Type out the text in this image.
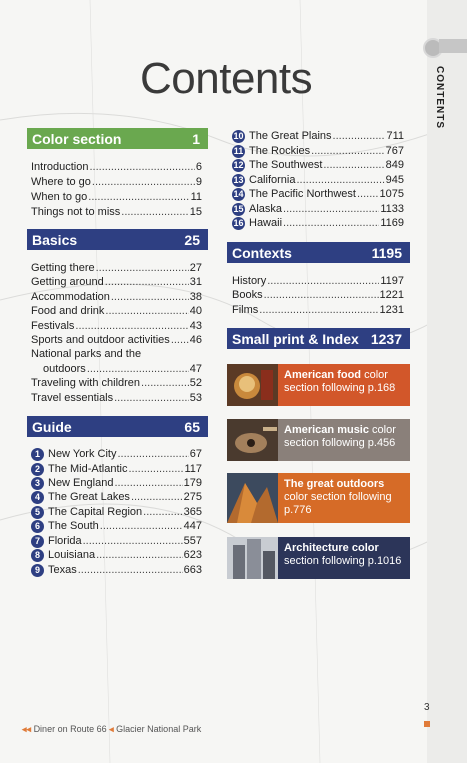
CONTENTS
Contents
Color section	1
Introduction .....	6
Where to go .....	9
When to go .....	11
Things not to miss .....	15
Basics	25
Getting there .....	27
Getting around .....	31
Accommodation .....	38
Food and drink .....	40
Festivals .....	43
Sports and outdoor activities ..... 46
National parks and the
outdoors .....	47
Traveling with children .....	52
Travel essentials .....	53
Guide	65
1 New York City .....	67
2 The Mid-Atlantic .....	117
3 New England .....	179
4 The Great Lakes .....	275
5 The Capital Region .....	365
6 The South .....	447
7 Florida .....	557
8 Louisiana .....	623
9 Texas .....	663
10 The Great Plains .....	711
11 The Rockies .....	767
12 The Southwest .....	849
13 California .....	945
14 The Pacific Northwest ..... 1075
15 Alaska .....	1133
16 Hawaii .....	1169
Contexts	1195
History .....	1197
Books .....	1221
Films .....	1231
Small print & Index 1237
American food color
section following p.168
American music color
section following p.456
The great outdoors
color section following
p.776
Architecture color
section following p.1016
◂◂ Diner on Route 66 ◂ Glacier National Park
3
